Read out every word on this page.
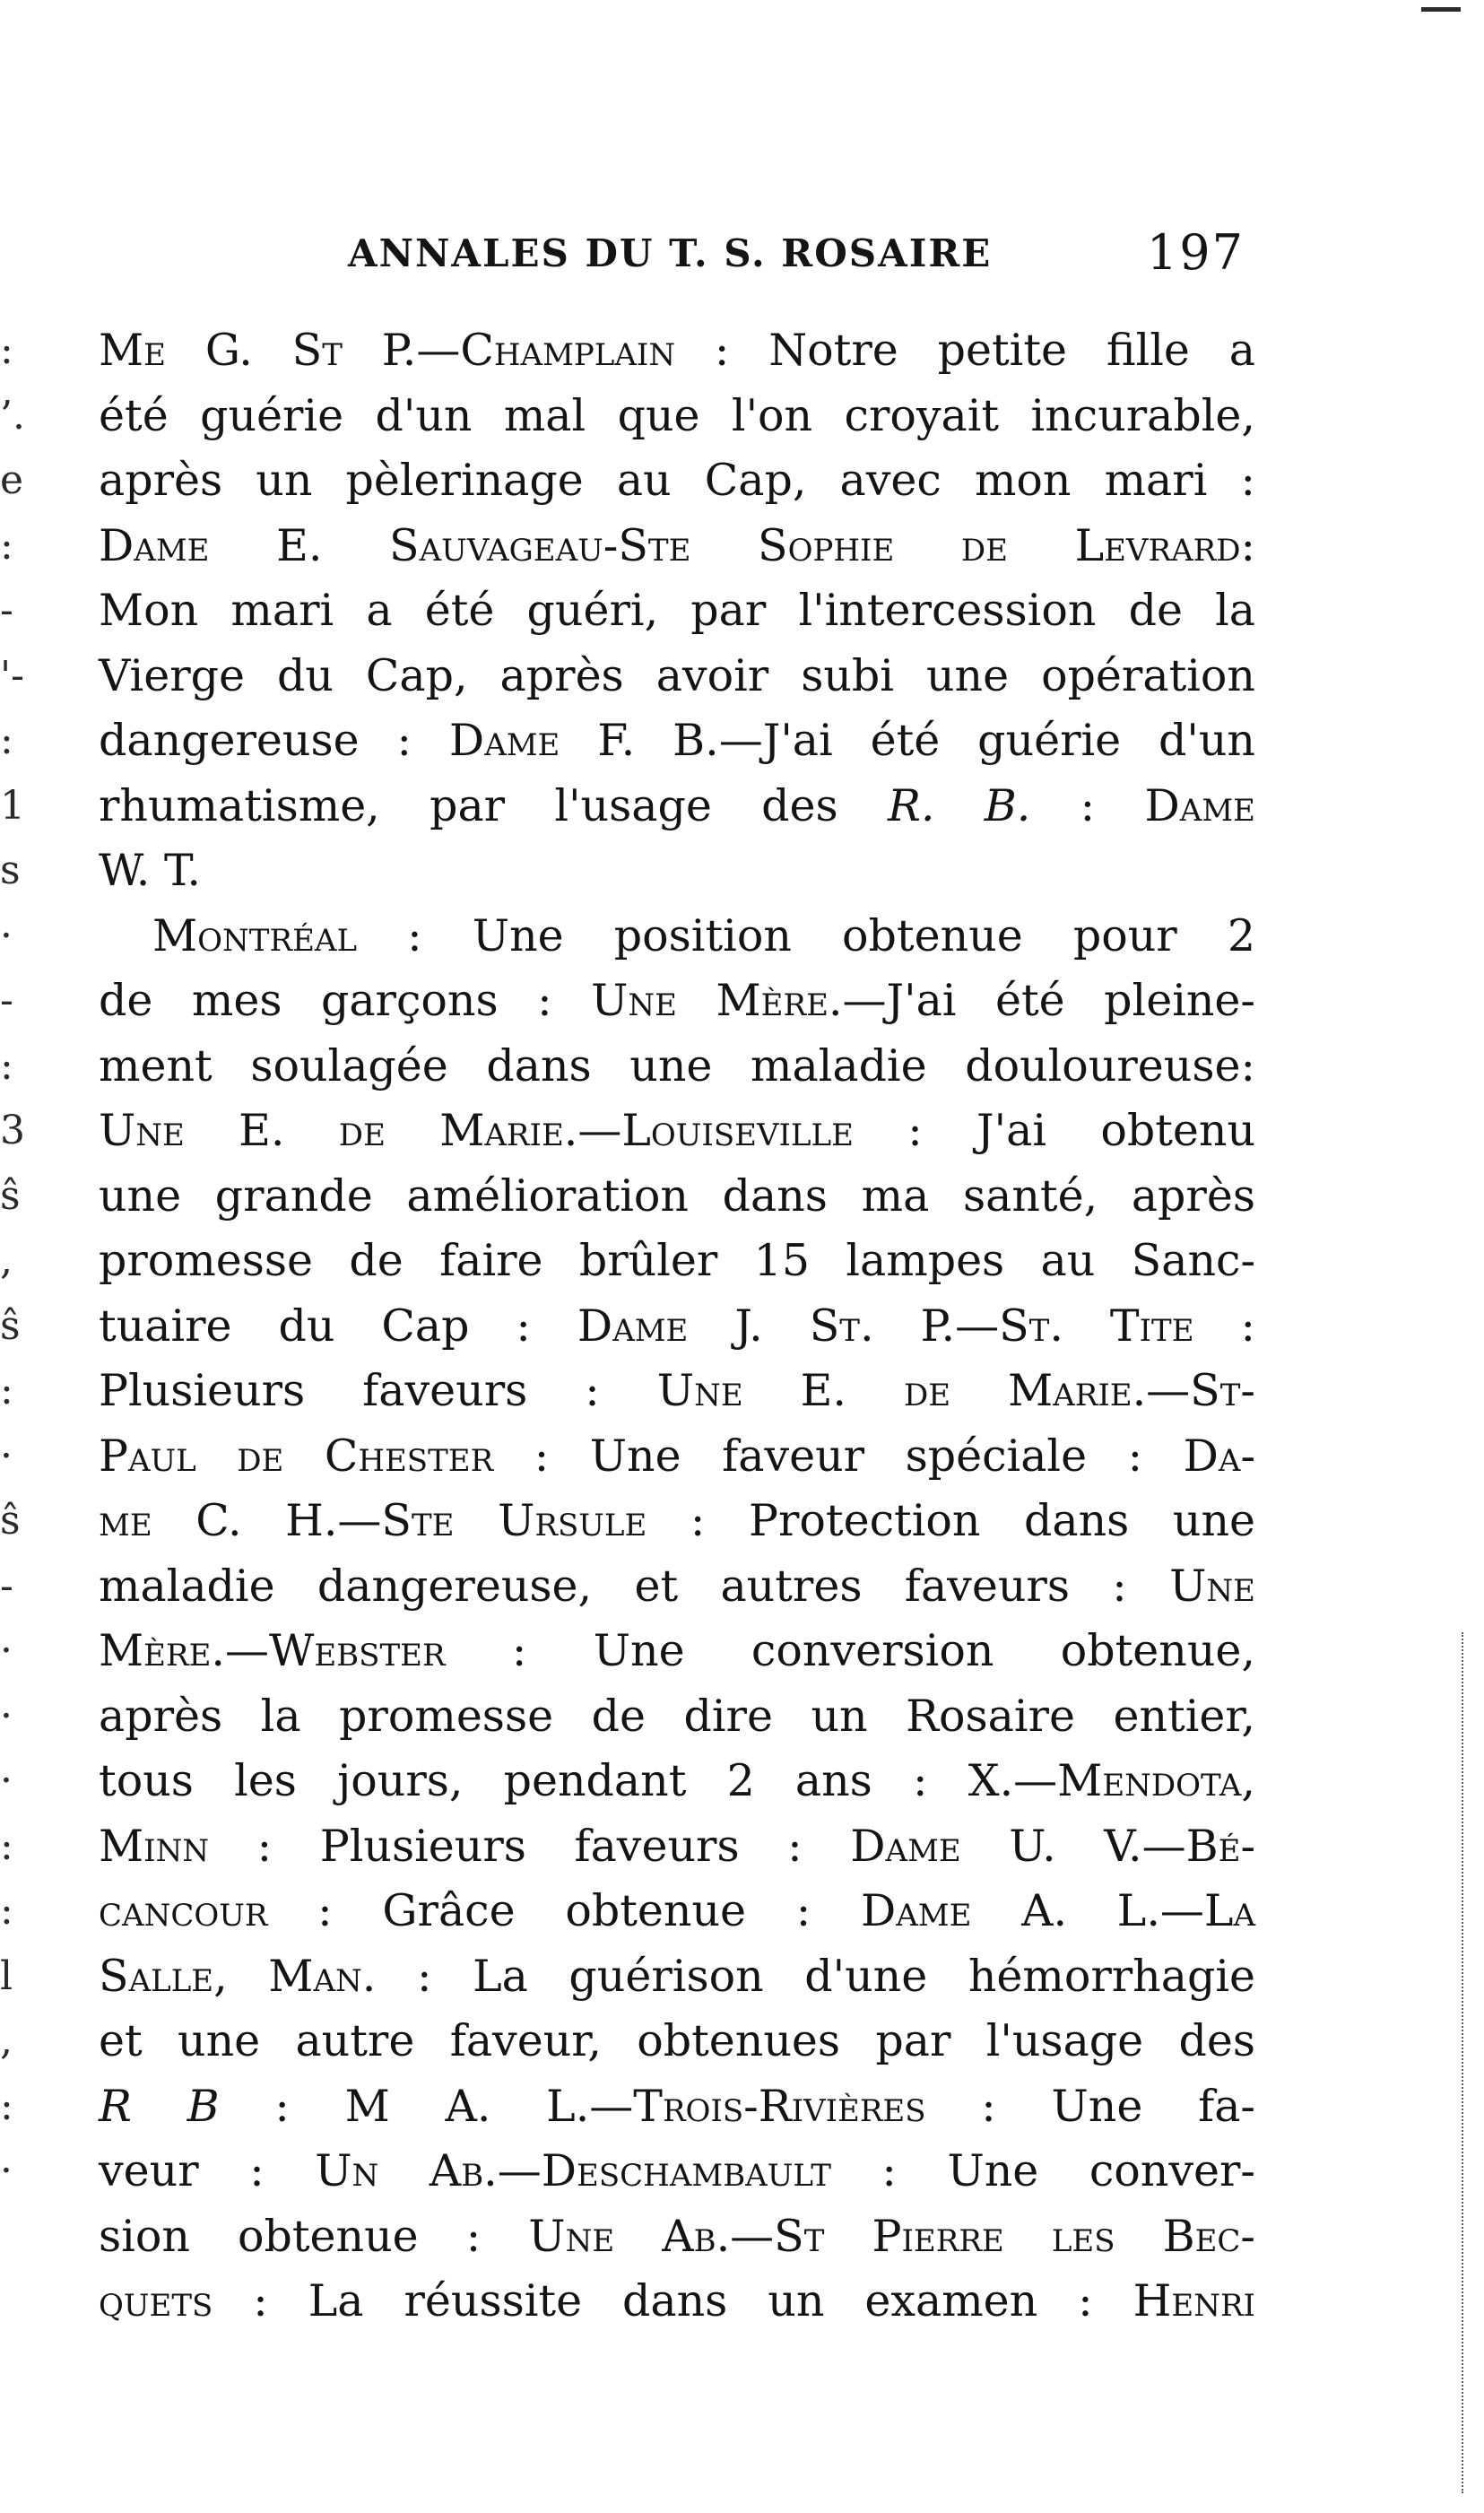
ANNALES DU T. S. ROSAIRE	197
:
’.
e
:
-
'-
:
1
s
·
-
:
3
ŝ
,
ŝ
:
·
ŝ
-
·
·
·
:
:
l
,
:
·
Me G. St P.—Champlain : Notre petite fille a
été guérie d'un mal que l'on croyait incurable,
après un pèlerinage au Cap, avec mon mari :
Dame E. Sauvageau-Ste Sophie de Levrard:
Mon mari a été guéri, par l'intercession de la
Vierge du Cap, après avoir subi une opération
dangereuse : Dame F. B.—J'ai été guérie d'un
rhumatisme, par l'usage des R. B. : Dame
W. T.
Montréal : Une position obtenue pour 2
de mes garçons : Une Mère.—J'ai été pleine-
ment soulagée dans une maladie douloureuse:
Une E. de Marie.—Louiseville : J'ai obtenu
une grande amélioration dans ma santé, après
promesse de faire brûler 15 lampes au Sanc-
tuaire du Cap : Dame J. St. P.—St. Tite :
Plusieurs faveurs : Une E. de Marie.—St-
Paul de Chester : Une faveur spéciale : Da-
me C. H.—Ste Ursule : Protection dans une
maladie dangereuse, et autres faveurs : Une
Mère.—Webster : Une conversion obtenue,
après la promesse de dire un Rosaire entier,
tous les jours, pendant 2 ans : X.—Mendota,
Minn : Plusieurs faveurs : Dame U. V.—Bé-
cancour : Grâce obtenue : Dame A. L.—La
Salle, Man. : La guérison d'une hémorrhagie
et une autre faveur, obtenues par l'usage des
R B : M A. L.—Trois-Rivières : Une fa-
veur : Un Ab.—Deschambault : Une conver-
sion obtenue : Une Ab.—St Pierre les Bec-
quets : La réussite dans un examen : Henri
